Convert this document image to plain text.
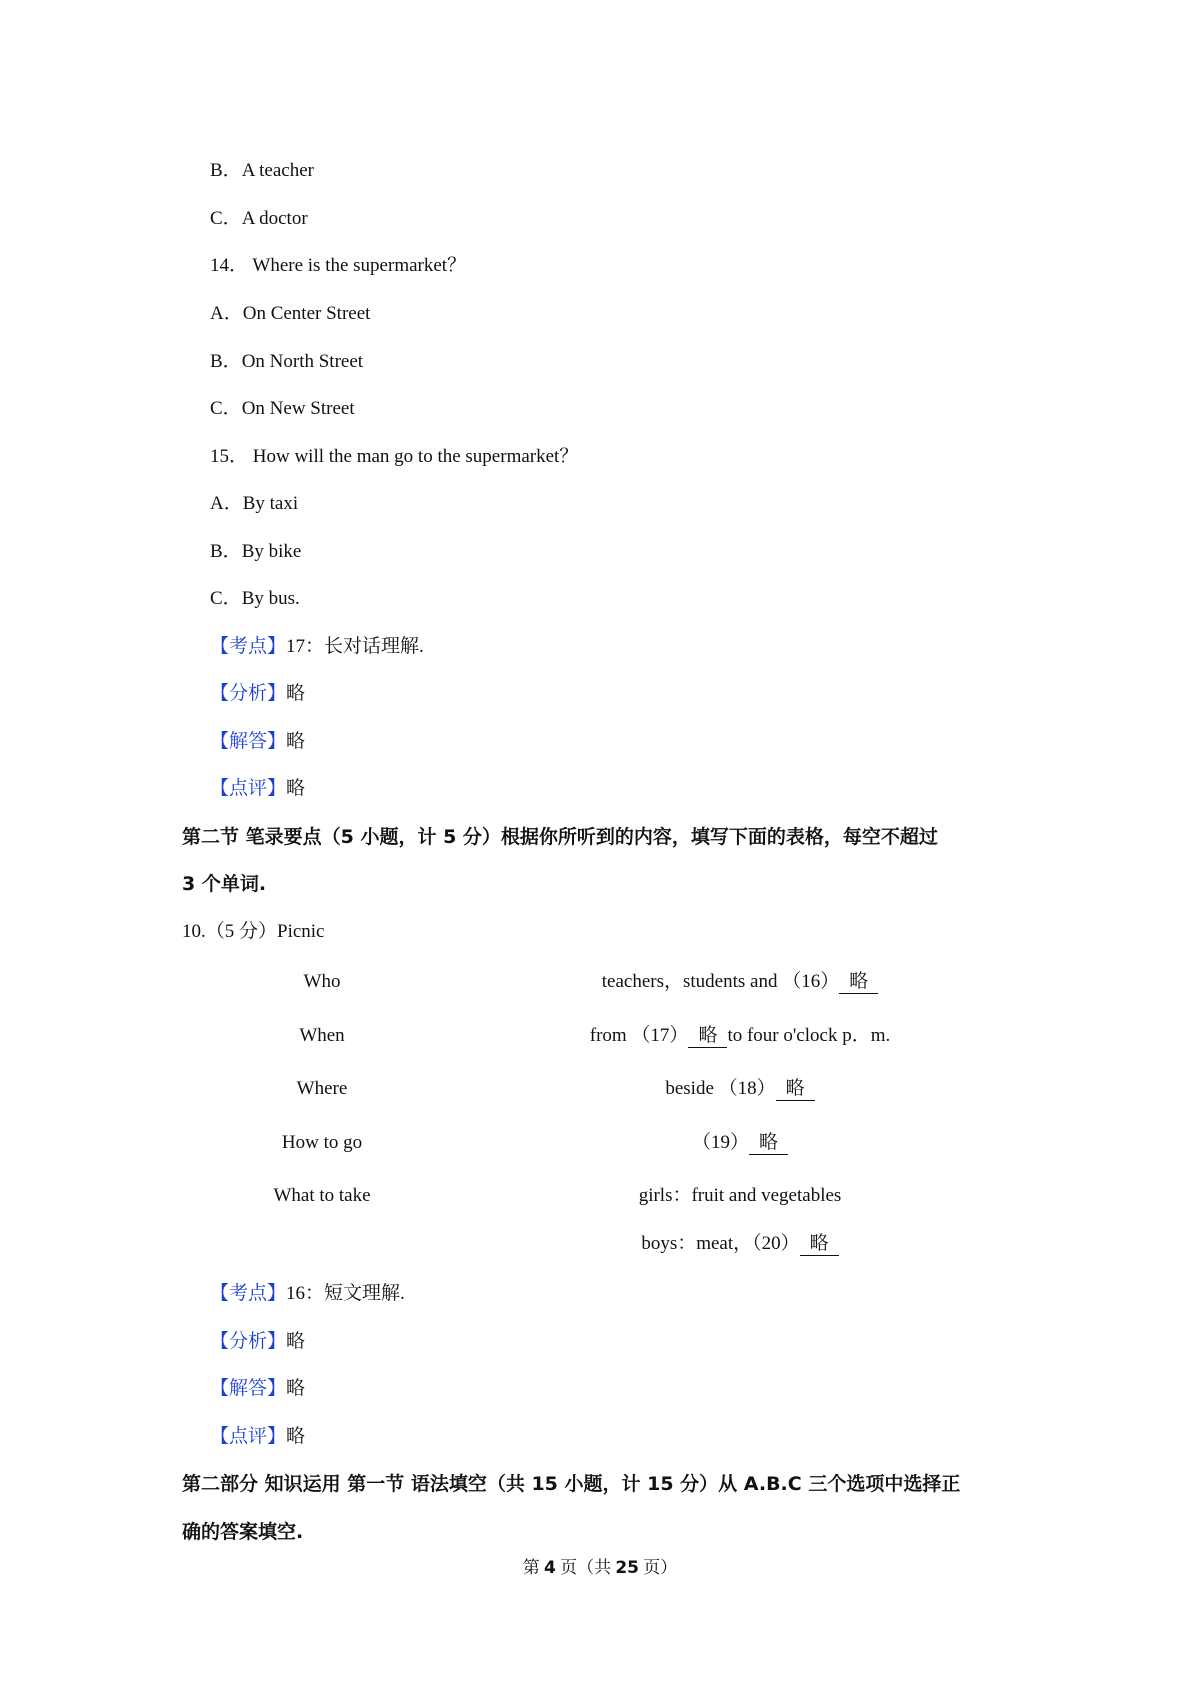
B．A teacher
C．A doctor
14． Where is the supermarket？
A．On Center Street
B．On North Street
C．On New Street
15． How will the man go to the supermarket？
A．By taxi
B．By bike
C．By bus.
【考点】17：长对话理解.
【分析】略
【解答】略
【点评】略
第二节 笔录要点（5 小题，计 5 分）根据你所听到的内容，填写下面的表格，每空不超过
3 个单词.
10.（5 分）Picnic
Who	teachers，students and （16） 略
When	from （17） 略 to four o'clock p．m.
Where	beside （18） 略
How to go	（19） 略
What to take	girls：fruit and vegetables
boys：meat，（20） 略
【考点】16：短文理解.
【分析】略
【解答】略
【点评】略
第二部分 知识运用 第一节 语法填空（共 15 小题，计 15 分）从 A.B.C 三个选项中选择正
确的答案填空.
第 4 页（共 25 页）
